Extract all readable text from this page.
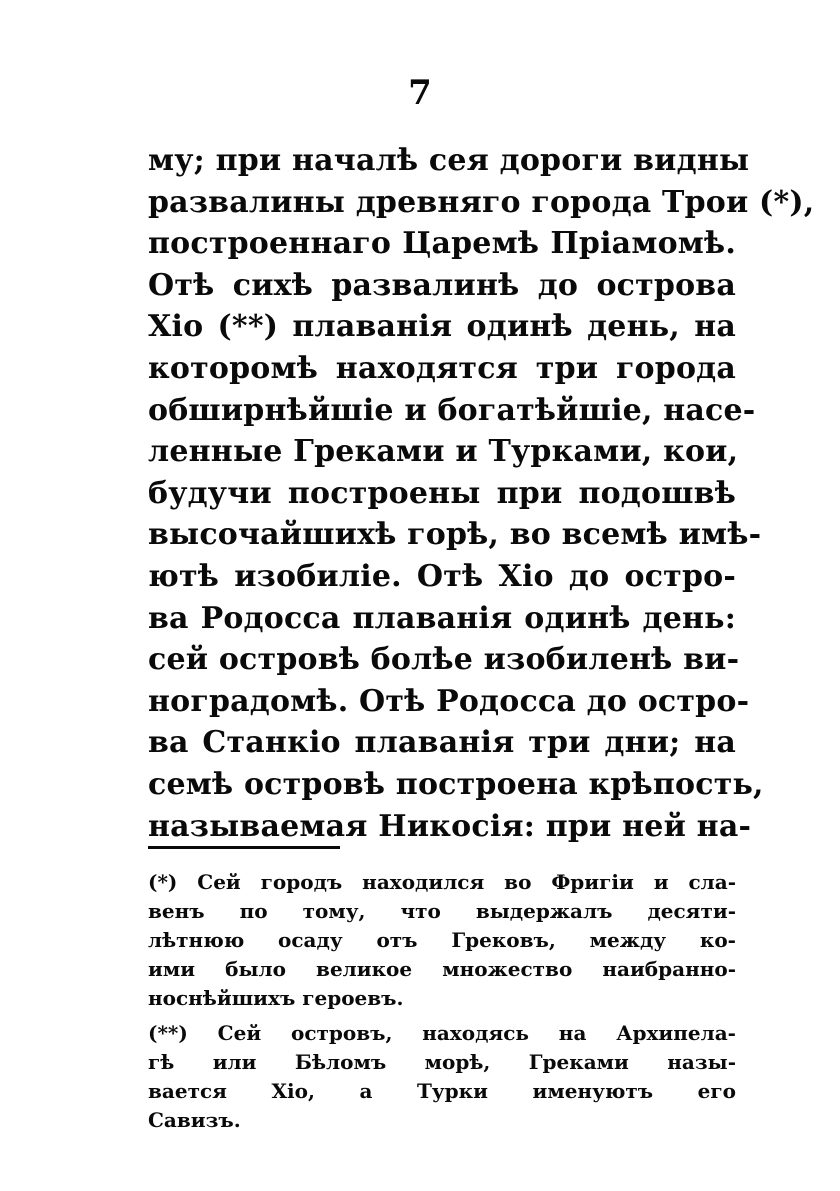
7
му; при началѣ сея дороги видны
развалины древняго города Трои (*),
построеннаго Царемѣ Пріамомѣ.
Отѣ сихѣ развалинѣ до острова
Хіо (**) плаванія одинѣ день, на
которомѣ находятся три города
обширнѣйшіе и богатѣйшіе, насе-
ленные Греками и Турками, кои,
будучи построены при подошвѣ
высочайшихѣ горѣ, во всемѣ имѣ-
ютѣ изобиліе. Отѣ Хіо до остро-
ва Родосса плаванія одинѣ день:
сей островѣ болѣе изобиленѣ ви-
ноградомѣ. Отѣ Родосса до остро-
ва Станкіо плаванія три дни; на
семѣ островѣ построена крѣпость,
называемая Никосія: при ней на-
(*) Сей городъ находился во Фригіи и сла-
венъ по тому, что выдержалъ десяти-
лѣтнюю осаду отъ Грековъ, между ко-
ими было великое множество наибранно-
носнѣйшихъ героевъ.
(**) Сей островъ, находясь на Архипела-
гѣ или Бѣломъ морѣ, Греками назы-
вается Хіо, а Турки именуютъ его
Савизъ.
